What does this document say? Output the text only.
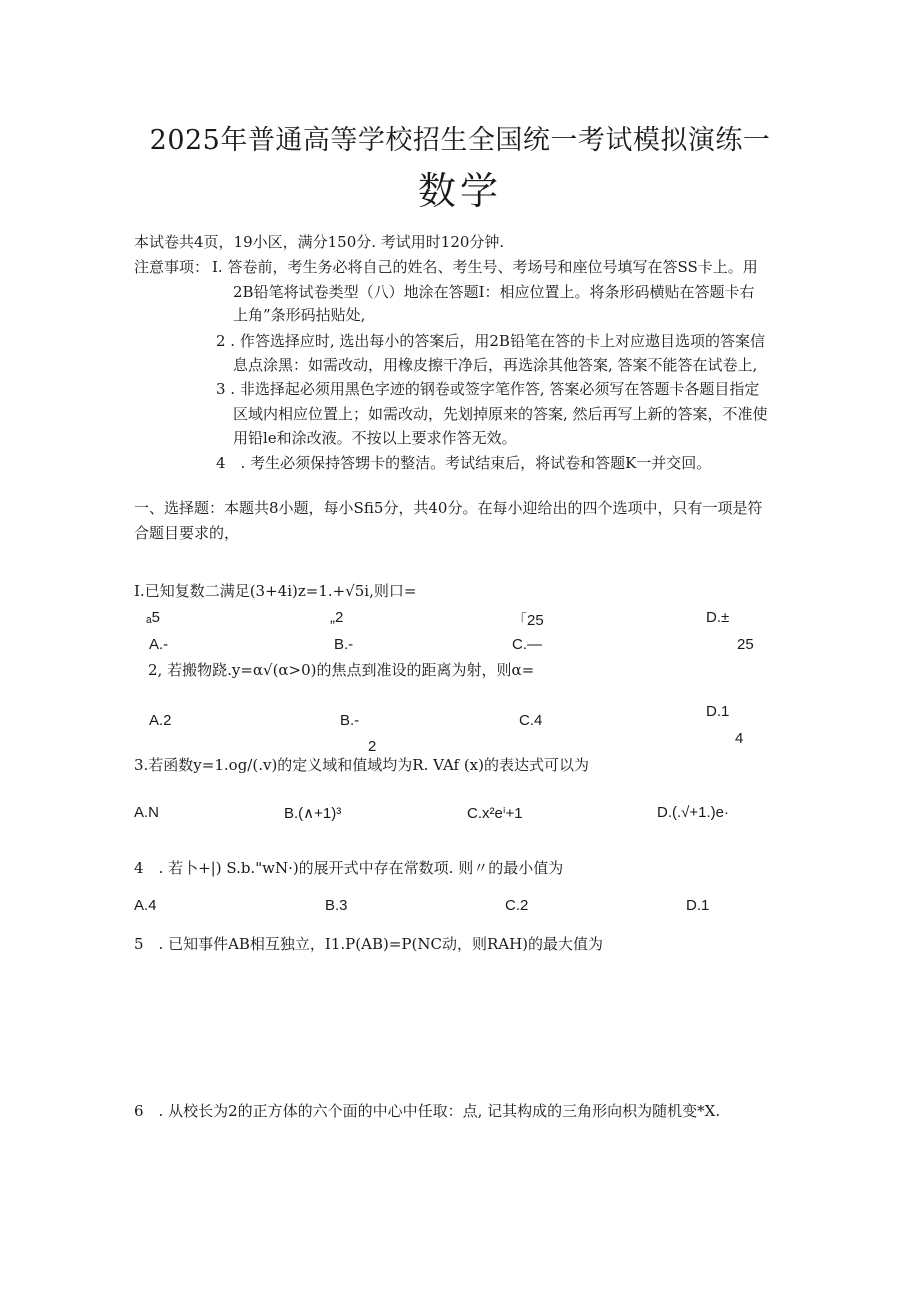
2025年普通高等学校招生全国统一考试模拟演练一
数学
本试卷共4页，19小区，满分150分. 考试用时120分钟.
注意事项： I. 答卷前，考生务必将自己的姓名、考生号、考场号和座位号填写在答SS卡上。用
2B铅笔将试卷类型（八）地涂在答题I：相应位置上。将条形码横贴在答题卡右
上角”条形码拈贴处,
2 . 作答选择应时, 选出每小的答案后，用2B铅笔在答的卡上对应遨目选项的答案信
息点涂黑：如需改动，用橡皮擦干净后，再选涂其他答案, 答案不能答在试卷上,
3 . 非选择起必须用黑色字迹的钢卷或签字笔作答, 答案必须写在答题卡各题目指定
区域内相应位置上；如需改动，先划掉原来的答案, 然后再写上新的答案，不准使
用铅le和涂改液。不按以上要求作答无效。
4　. 考生必须保持答甥卡的整洁。考试结束后，将试卷和答题K一并交回。
一、选择题：本题共8小题，每小Sfi5分，共40分。在每小迎给出的四个选项中，只有一项是符
合题目要求的，
I.已知复数二满足(3+4i)z=1.+√5i,则口=
ₐ5	„2	「25	D.±
A.-	B.-	C.—	25
2, 若搬物跷.y=α√(α>0)的焦点到准设的距离为射，则α=
D.1
A.2	B.-	C.4
4
2
3.若函数y=1.og/(.v)的定义域和值域均为R. VAf (x)的表达式可以为
A.N	B.(∧+1)³	C.x²eⁱ+1	D.(.√+1.)e·
4　. 若卜+|) S.b."wN·)的展开式中存在常数项. 则〃的最小值为
A.4	B.3	C.2	D.1
5　. 已知事件AB相互独立，I1.P(AB)=P(NC动，则RAH)的最大值为
6　. 从校长为2的正方体的六个面的中心中任取：点, 记其构成的三角形向枳为随机变*X.
